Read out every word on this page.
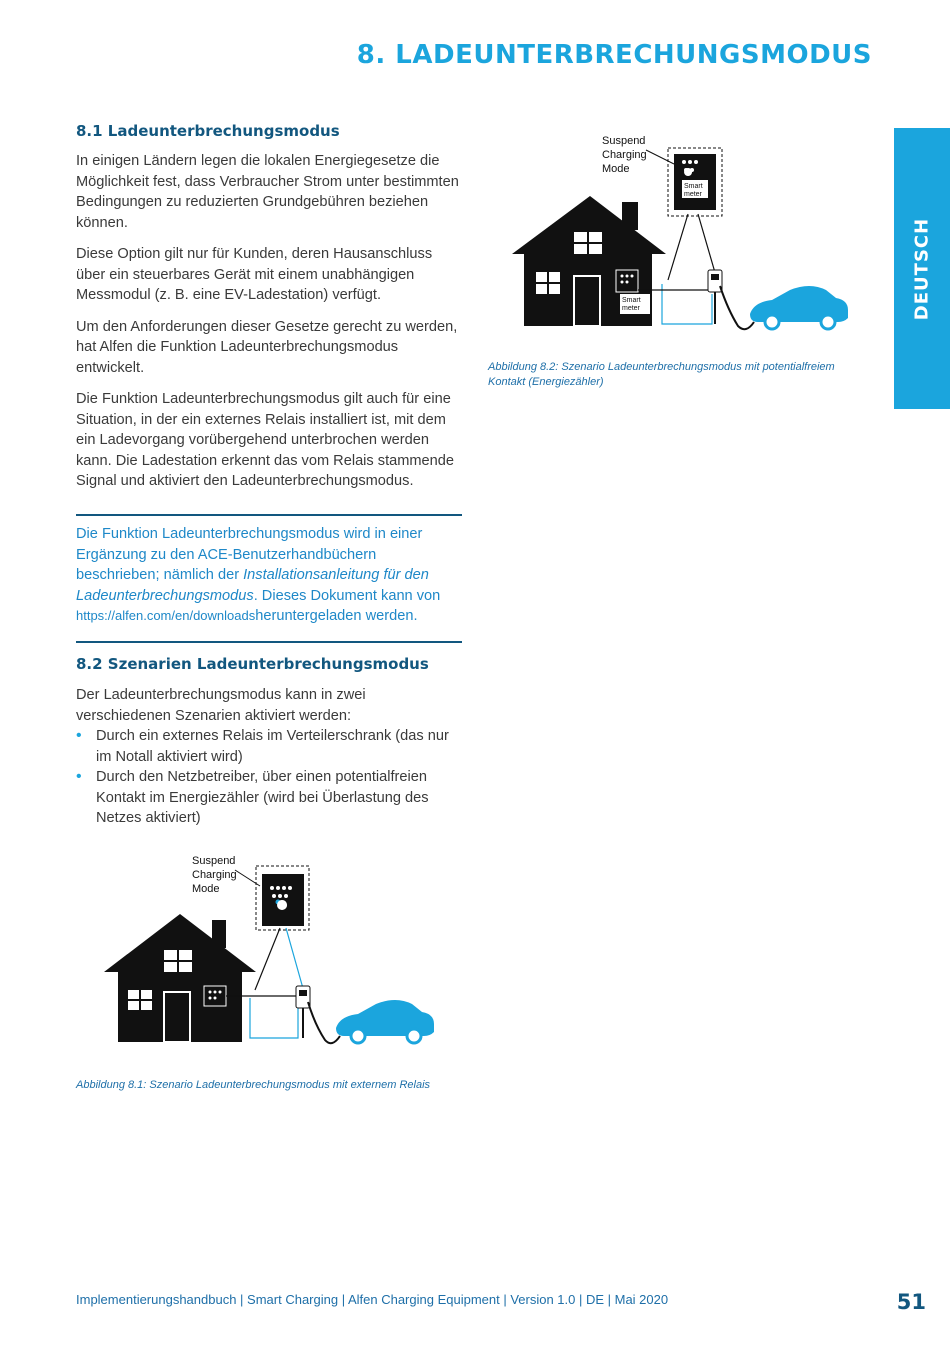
8. LADEUNTERBRECHUNGSMODUS
DEUTSCH
8.1 Ladeunterbrechungsmodus

In einigen Ländern legen die lokalen Energiegesetze die Möglichkeit fest, dass Verbraucher Strom unter bestimmten Bedingungen zu reduzierten Grundgebühren beziehen können.

Diese Option gilt nur für Kunden, deren Hausanschluss über ein steuerbares Gerät mit einem unabhängigen Messmodul (z. B. eine EV-Ladestation) verfügt.

Um den Anforderungen dieser Gesetze gerecht zu werden, hat Alfen die Funktion Ladeunterbrechungsmodus entwickelt.

Die Funktion Ladeunterbrechungsmodus gilt auch für eine Situation, in der ein externes Relais installiert ist, mit dem ein Ladevorgang vorübergehend unterbrochen werden kann. Die Ladestation erkennt das vom Relais stammende Signal und aktiviert den Ladeunterbrechungsmodus.

Die Funktion Ladeunterbrechungsmodus wird in einer Ergänzung zu den ACE-Benutzerhandbüchern beschrieben; nämlich der Installationsanleitung für den Ladeunterbrechungsmodus. Dieses Dokument kann von https://alfen.com/en/downloadsheruntergeladen werden.

8.2 Szenarien Ladeunterbrechungsmodus

Der Ladeunterbrechungsmodus kann in zwei verschiedenen Szenarien aktiviert werden:

• Durch ein externes Relais im Verteilerschrank (das nur im Notall aktiviert wird)
• Durch den Netzbetreiber, über einen potentialfreien Kontakt im Energiezähler (wird bei Überlastung des Netzes aktiviert)
Suspend
Charging
Mode
Abbildung 8.1: Szenario Ladeunterbrechungsmodus mit externem Relais
Suspend
Charging
Mode
Smart
meter
Smart
meter
Abbildung 8.2: Szenario Ladeunterbrechungsmodus mit potentialfreiem Kontakt (Energiezähler)
Implementierungshandbuch | Smart Charging | Alfen Charging Equipment | Version 1.0 | DE | Mai 2020	51
